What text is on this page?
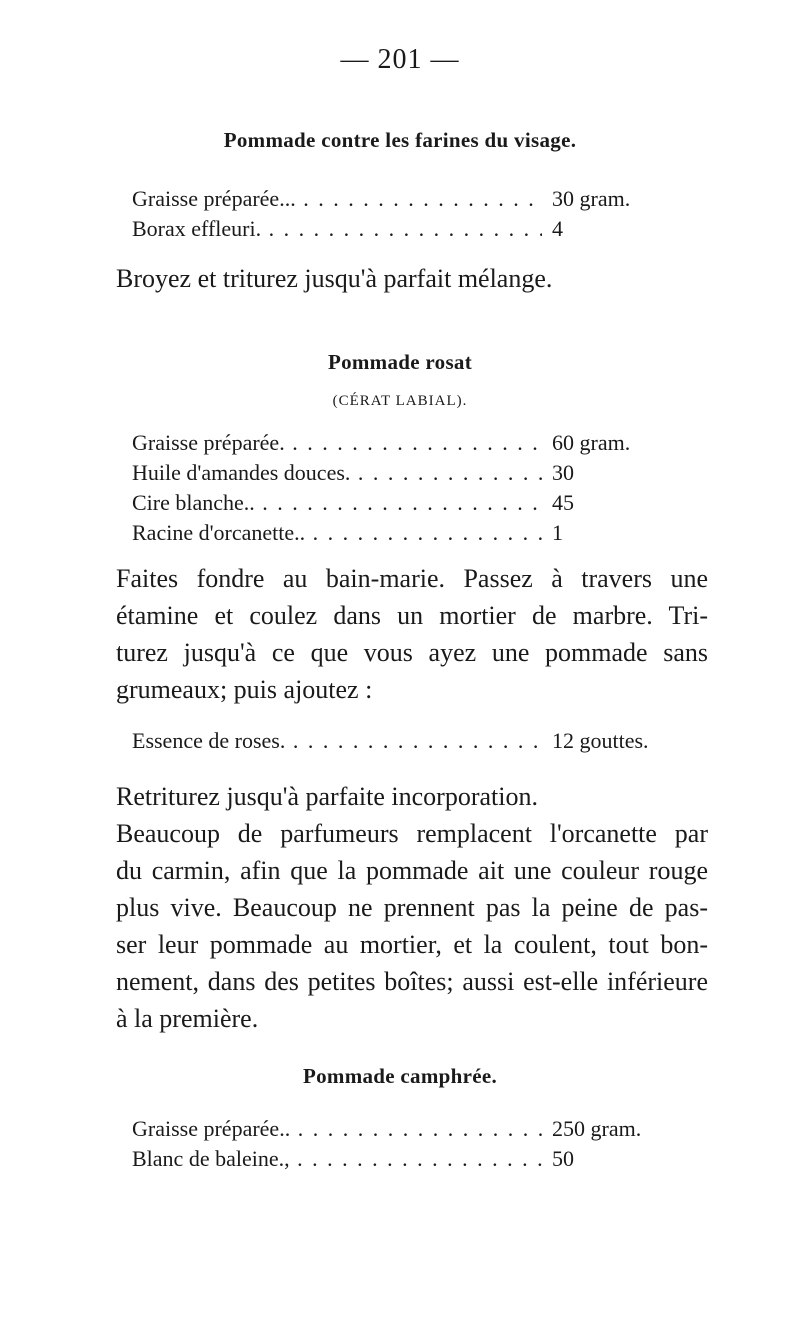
— 201 —
Pommade contre les farines du visage.
Graisse préparée... . . .	30 gram.
Borax effleuri. . . .	4
Broyez et triturez jusqu'à parfait mélange.
Pommade rosat
(CÉRAT LABIAL).
Graisse préparée. . . .	60 gram.
Huile d'amandes douces. . . .	30
Cire blanche.. . . .	45
Racine d'orcanette.. . . .	1
Faites fondre au bain-marie. Passez à travers une
étamine et coulez dans un mortier de marbre. Tri-
turez jusqu'à ce que vous ayez une pommade sans
grumeaux; puis ajoutez :
Essence de roses. . . .	12 gouttes.
Retriturez jusqu'à parfaite incorporation.
Beaucoup de parfumeurs remplacent l'orcanette par
du carmin, afin que la pommade ait une couleur rouge
plus vive. Beaucoup ne prennent pas la peine de pas-
ser leur pommade au mortier, et la coulent, tout bon-
nement, dans des petites boîtes; aussi est-elle inférieure
à la première.
Pommade camphrée.
Graisse préparée.. . . .	250 gram.
Blanc de baleine., . . .	50
